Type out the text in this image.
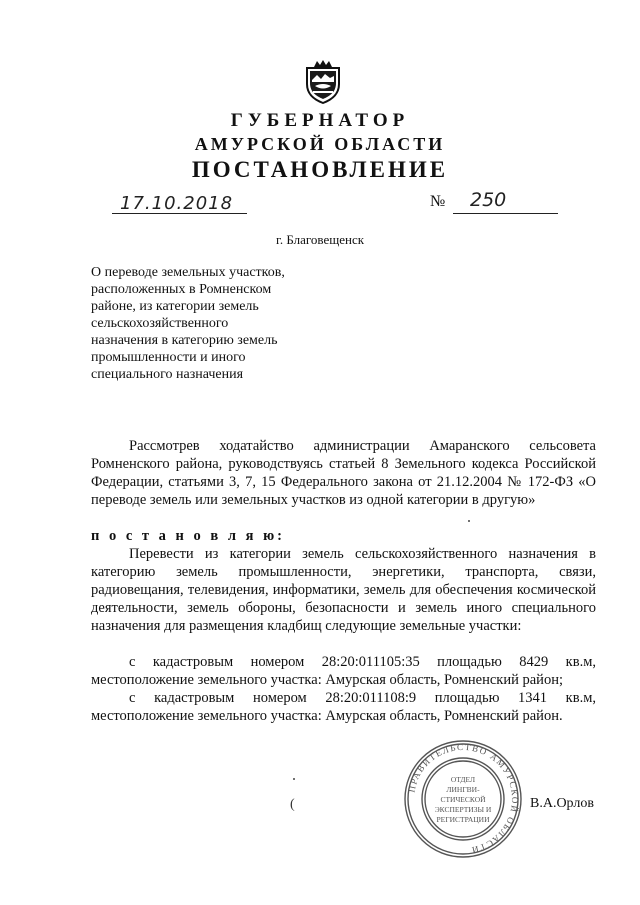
ГУБЕРНАТОР
АМУРСКОЙ ОБЛАСТИ
ПОСТАНОВЛЕНИЕ
17.10.2018	№ 250
г. Благовещенск
О переводе земельных участков,
расположенных в Ромненском
районе, из категории земель
сельскохозяйственного
назначения в категорию земель
промышленности и иного
специального назначения
Рассмотрев ходатайство администрации Амаранского сельсовета Ромненского района, руководствуясь статьей 8 Земельного кодекса Российской Федерации, статьями 3, 7, 15 Федерального закона от 21.12.2004 № 172-ФЗ «О переводе земель или земельных участков из одной категории в другую»
п о с т а н о в л я ю:
Перевести из категории земель сельскохозяйственного назначения в категорию земель промышленности, энергетики, транспорта, связи, радиовещания, телевидения, информатики, земель для обеспечения космической деятельности, земель обороны, безопасности и земель иного специального назначения для размещения кладбищ следующие земельные участки:
с кадастровым номером 28:20:011105:35 площадью 8429 кв.м, местоположение земельного участка: Амурская область, Ромненский район;
с кадастровым номером 28:20:011108:9 площадью 1341 кв.м, местоположение земельного участка: Амурская область, Ромненский район.
(
ПРАВИТЕЛЬСТВО АМУРСКОЙ ОБЛАСТИ
ОТДЕЛ
ЛИНГВИ-
СТИЧЕСКОЙ
ЭКСПЕРТИЗЫ И
РЕГИСТРАЦИИ
В.А.Орлов
